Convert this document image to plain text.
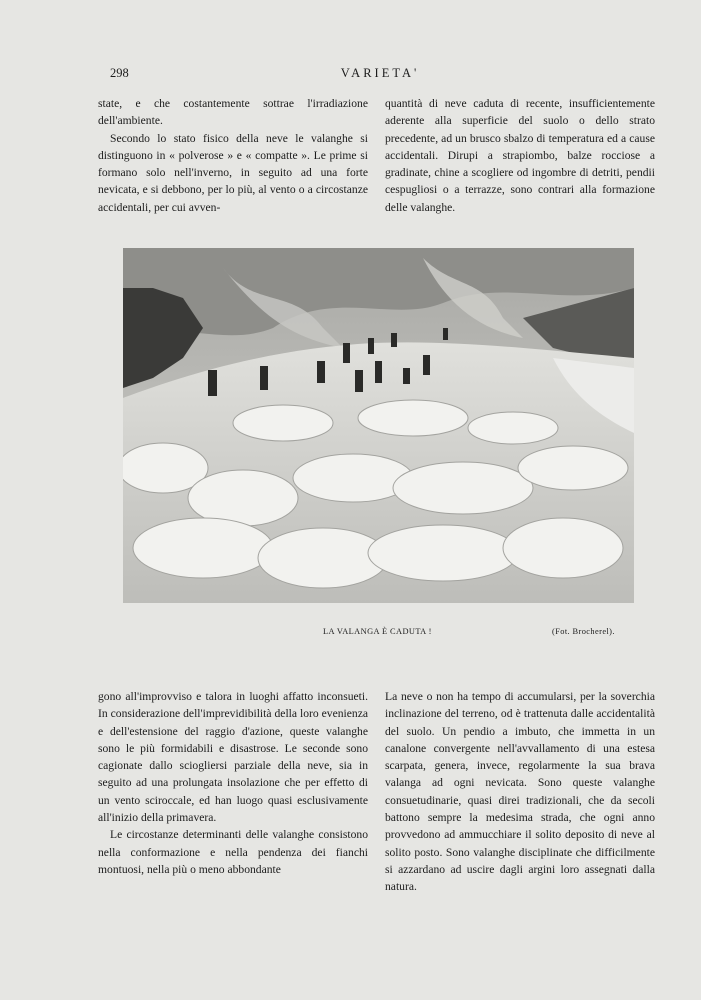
298	VARIETA'

state, e che costantemente sottrae l'irradiazione dell'ambiente.

Secondo lo stato fisico della neve le valanghe si distinguono in « polverose » e « compatte ». Le prime si formano solo nell'inverno, in seguito ad una forte nevicata, e si debbono, per lo più, al vento o a circostanze accidentali, per cui avven-

quantità di neve caduta di recente, insufficientemente aderente alla superficie del suolo o dello strato precedente, ad un brusco sbalzo di temperatura ed a cause accidentali. Dirupi a strapiombo, balze rocciose a gradinate, chine a scogliere od ingombre di detriti, pendii cespugliosi o a terrazze, sono contrari alla formazione delle valanghe.

LA VALANGA È CADUTA !	(Fot. Brocherel).

gono all'improvviso e talora in luoghi affatto inconsueti. In considerazione dell'imprevidibilità della loro evenienza e dell'estensione del raggio d'azione, queste valanghe sono le più formidabili e disastrose. Le seconde sono cagionate dallo sciogliersi parziale della neve, sia in seguito ad una prolungata insolazione che per effetto di un vento sciroccale, ed han luogo quasi esclusivamente all'inizio della primavera.

Le circostanze determinanti delle valanghe consistono nella conformazione e nella pendenza dei fianchi montuosi, nella più o meno abbondante

La neve o non ha tempo di accumularsi, per la soverchia inclinazione del terreno, od è trattenuta dalle accidentalità del suolo. Un pendio a imbuto, che immetta in un canalone convergente nell'avvallamento di una estesa scarpata, genera, invece, regolarmente la sua brava valanga ad ogni nevicata. Sono queste valanghe consuetudinarie, quasi direi tradizionali, che da secoli battono sempre la medesima strada, che ogni anno provvedono ad ammucchiare il solito deposito di neve al solito posto. Sono valanghe disciplinate che difficilmente si azzardano ad uscire dagli argini loro assegnati dalla natura.
